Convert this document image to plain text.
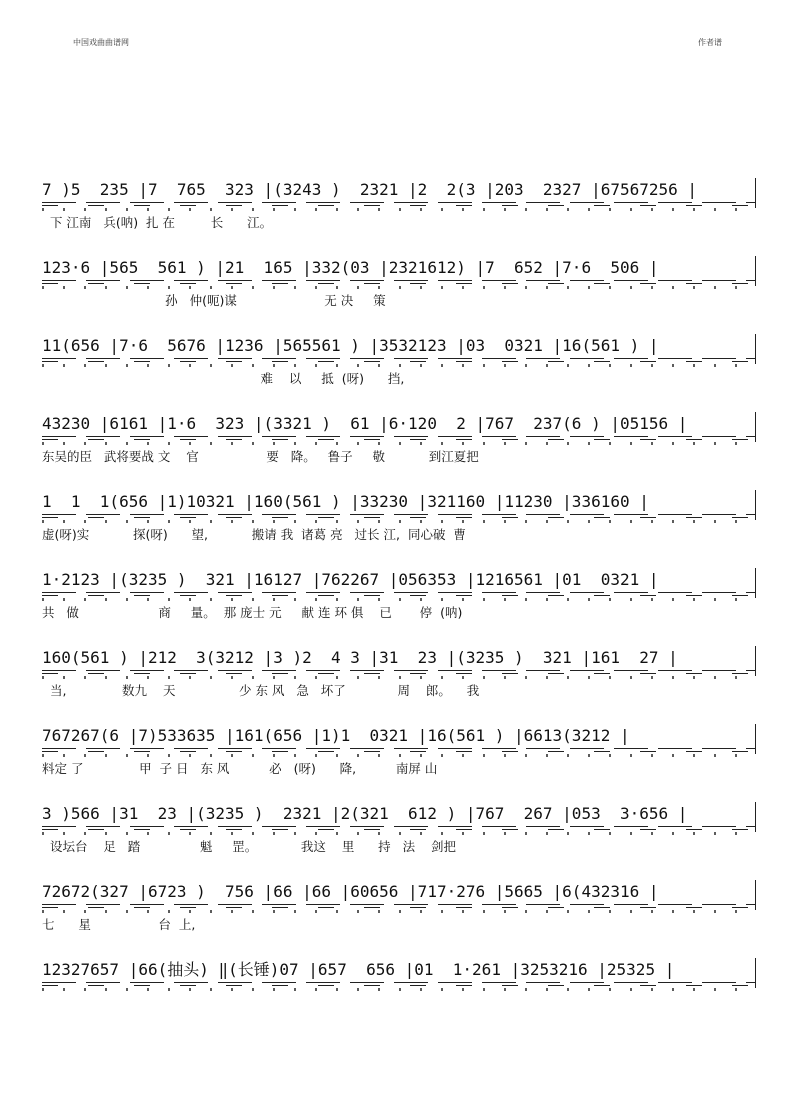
中国戏曲曲谱网	作者谱
7 )5  235 |7  765  323 |(3243 )  2321 |2  2(3 |203  2327 |67567256 |
下 江南   兵(呐)  扎 在         长      江。
123·6 |565  561 ) |21  165 |332(03 |2321612) |7  652 |7·6  506 |
孙   仲(呃)谋                      无 决     策
11(656 |7·6  5676 |1236 |565561 ) |3532123 |03  0321 |16(561 ) |
难    以     抵  (呀)      挡,
43230 |6161 |1·6  323 |(3321 )  61 |6·120  2 |767  237(6 ) |05156 |
东吴的臣   武将要战 文    官                 要   降。   鲁子     敬           到江夏把
1  1  1(656 |1)10321 |160(561 ) |33230 |321160 |11230 |336160 |
虚(呀)实           探(呀)      望,           搬请 我  诸葛 亮   过长 江,  同心破  曹
1·2123 |(3235 )  321 |16127 |762267 |056353 |1216561 |01  0321 |
共   做                    商     量。  那 庞士 元     献 连 环 俱    已       停  (呐)
160(561 ) |212  3(3212 |3 )2  4 3 |31  23 |(3235 )  321 |161  27 |
当,              数九    天                少 东 风   急   坏了             周    郎。    我
767267(6 |7)533635 |161(656 |1)1  0321 |16(561 ) |6613(3212 |
料定 了              甲  子 日   东 风          必   (呀)      降,          南屏 山
3 )566 |31  23 |(3235 )  2321 |2(321  612 ) |767  267 |053  3·656 |
设坛台    足   踏               魁     罡。           我这    里      持   法    剑把
72672(327 |6723 )  756 |66 |66 |60656 |717·276 |5665 |6(432316 |
七      星                 台  上,
12327657 |66(抽头) ‖(长锤)07 |657  656 |01  1·261 |3253216 |25325 |
